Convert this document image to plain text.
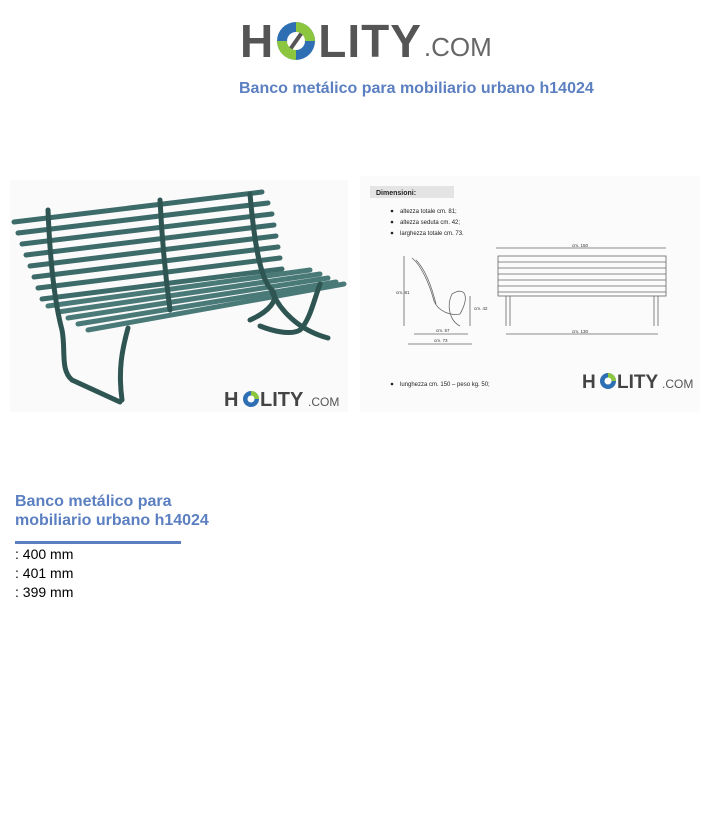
H LITY .COM
Banco metálico para mobiliario urbano h14024
H LITY .COM
Dimensioni:
altezza totale cm. 81;
altezza seduta cm. 42;
larghezza totale cm. 73.
cm. 81
cm. 42
cm. 57
cm. 73
cm. 150
cm. 130
lunghezza cm. 150 – peso kg. 50;	H LITY .COM
Banco metálico para mobiliario urbano h14024
: 400 mm
: 401 mm
: 399 mm
